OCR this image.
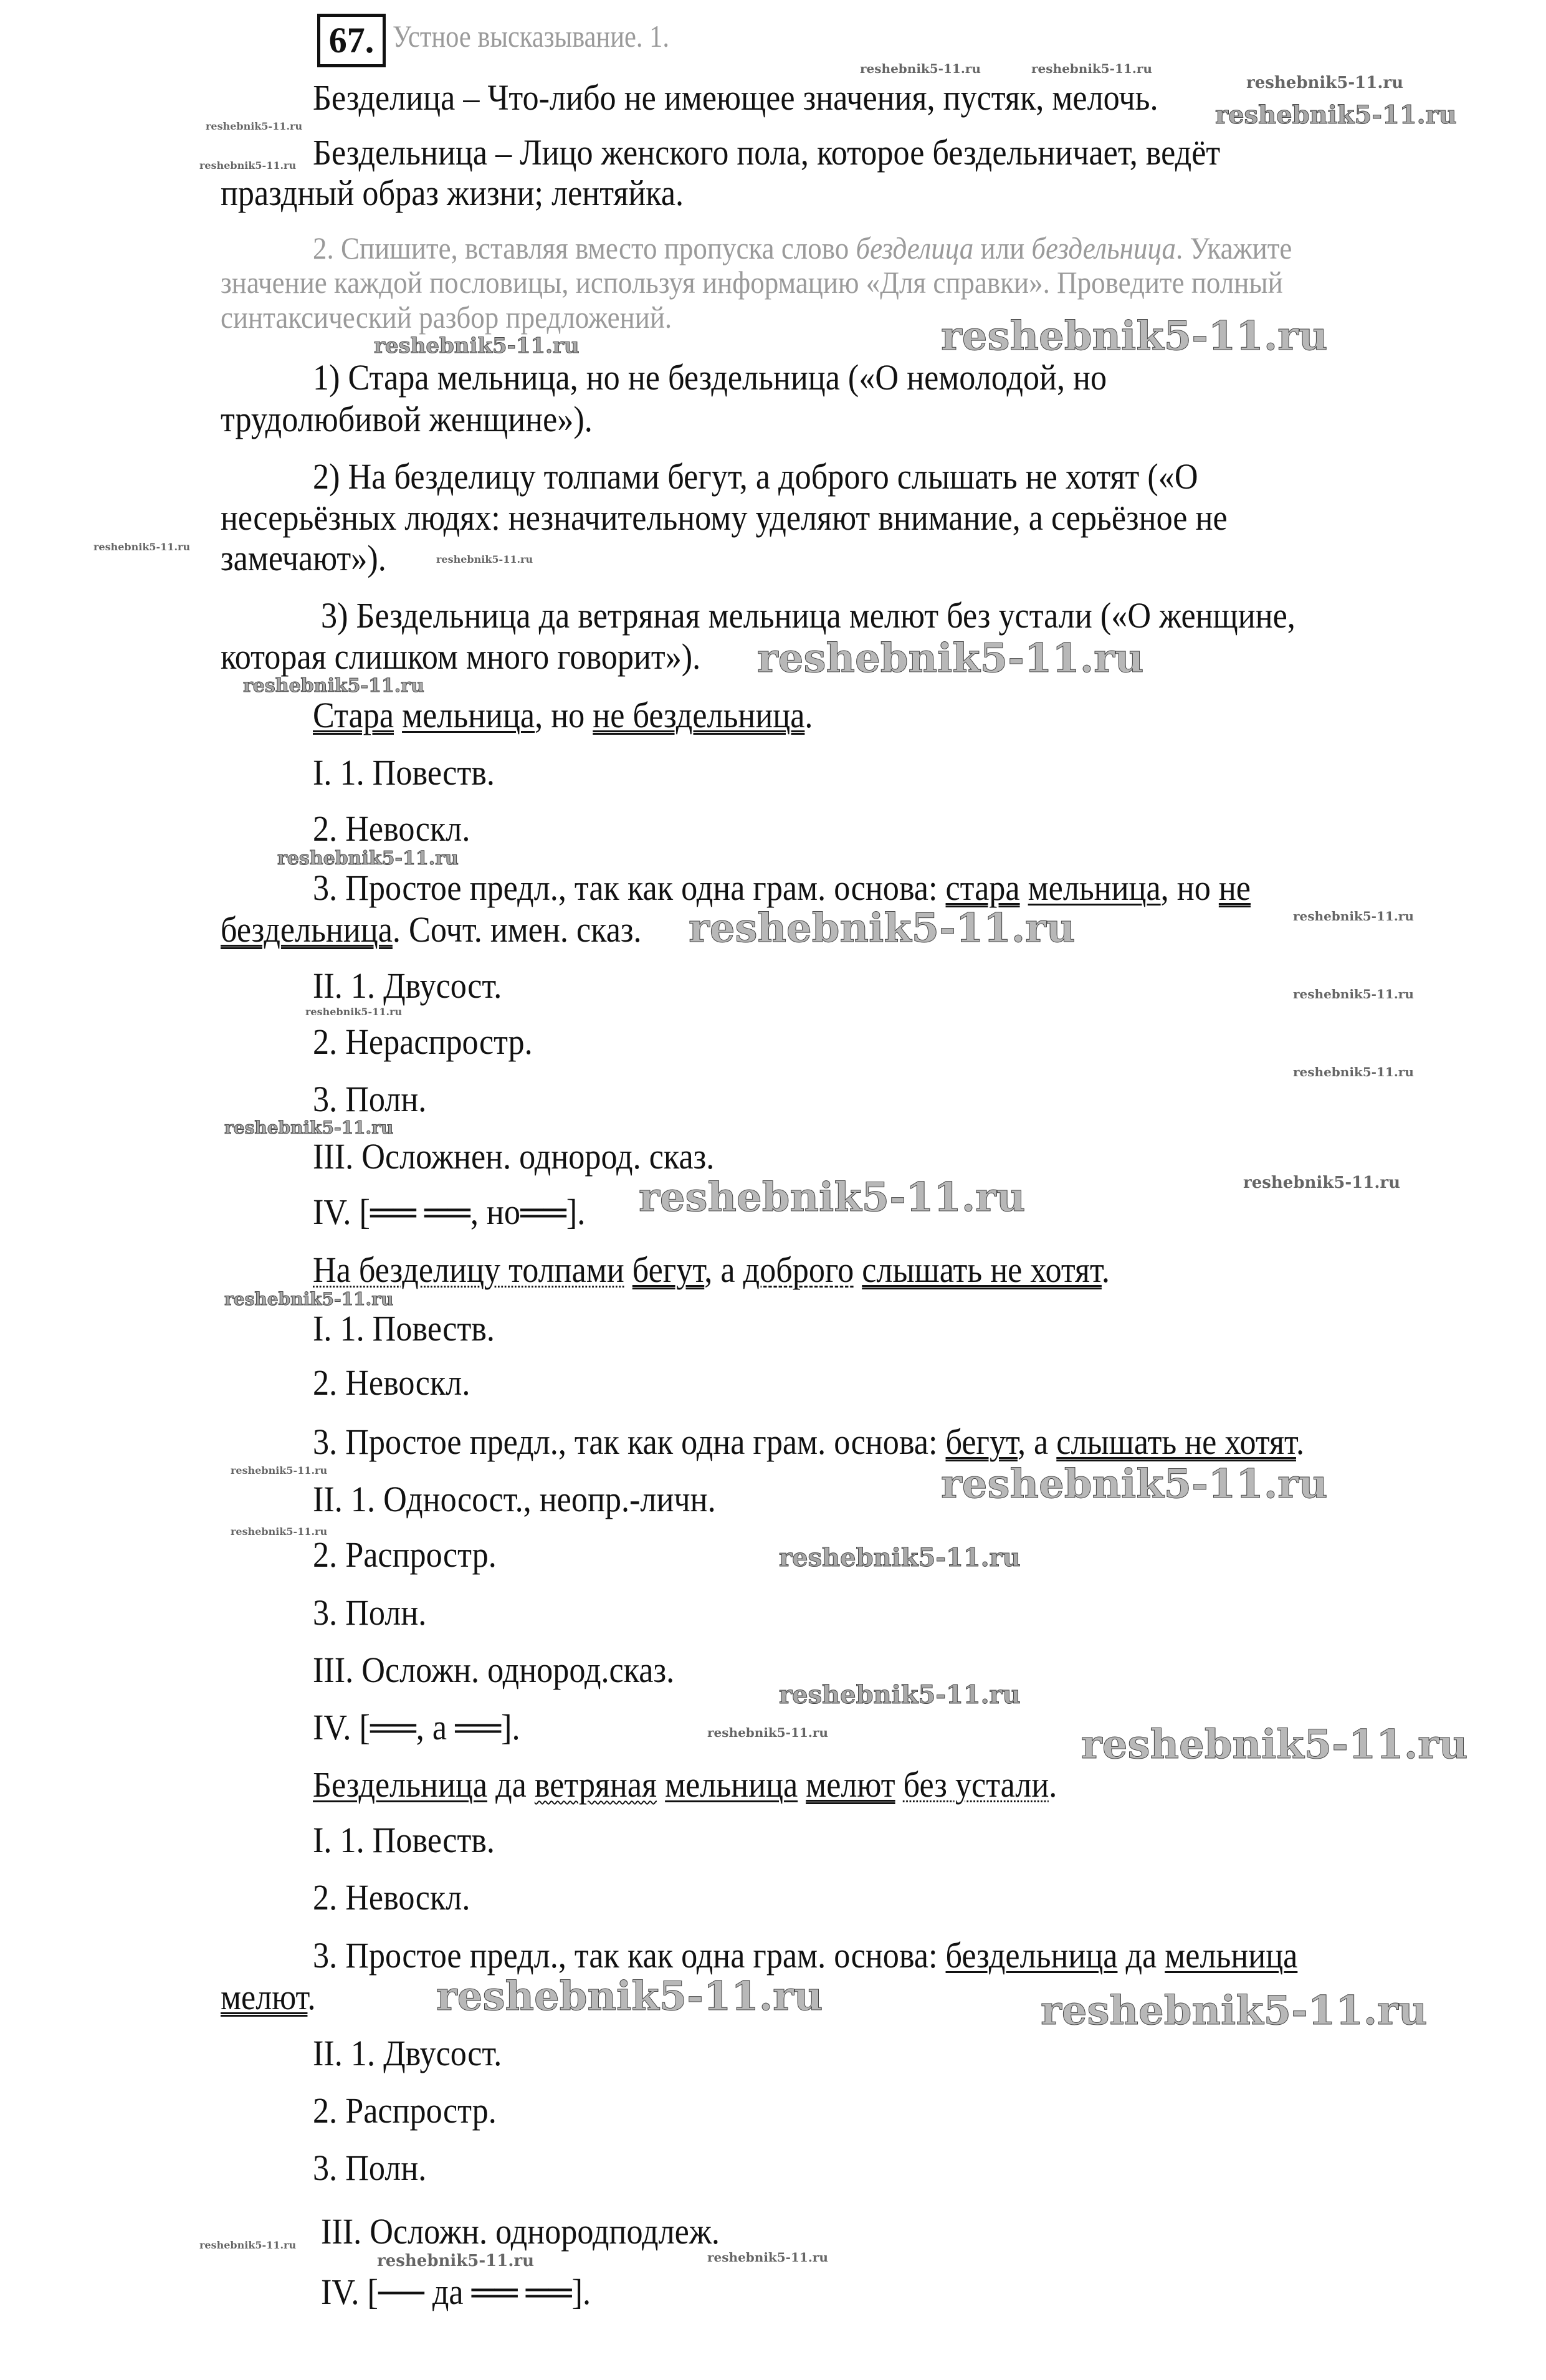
67. Устное высказывание. 1.
Безделица – Что-либо не имеющее значения, пустяк, мелочь.
Бездельница – Лицо женского пола, которое бездельничает, ведёт
праздный образ жизни; лентяйка.
2. Спишите, вставляя вместо пропуска слово безделица или бездельница. Укажите
значение каждой пословицы, используя информацию «Для справки». Проведите полный
синтаксический разбор предложений.
1) Стара мельница, но не бездельница («О немолодой, но
трудолюбивой женщине»).
2) На безделицу толпами бегут, а доброго слышать не хотят («О
несерьёзных людях: незначительному уделяют внимание, а серьёзное не
замечают»).
3) Бездельница да ветряная мельница мелют без устали («О женщине,
которая слишком много говорит»).
Стара мельница, но не бездельница.
I. 1. Повеств.
2. Невоскл.
3. Простое предл., так как одна грам. основа: стара мельница, но не
бездельница. Сочт. имен. сказ.
II. 1. Двусост.
2. Нераспростр.
3. Полн.
III. Осложнен. однород. сказ.
IV. [══ ══, но══].
На безделицу толпами бегут, а доброго слышать не хотят.
I. 1. Повеств.
2. Невоскл.
3. Простое предл., так как одна грам. основа: бегут, а слышать не хотят.
II. 1. Односост., неопр.-личн.
2. Распростр.
3. Полн.
III. Осложн. однород.сказ.
IV. [══, а ══].
Бездельница да ветряная мельница мелют без устали.
I. 1. Повеств.
2. Невоскл.
3. Простое предл., так как одна грам. основа: бездельница да мельница
мелют.
II. 1. Двусост.
2. Распростр.
3. Полн.
III. Осложн. однородподлеж.
IV. [── да ══ ══].
reshebnik5-11.ru
reshebnik5-11.ru	reshebnik5-11.ru
reshebnik5-11.ru
reshebnik5-11.ru
reshebnik5-11.ru
reshebnik5-11.ru
reshebnik5-11.ru
reshebnik5-11.ru
reshebnik5-11.ru
reshebnik5-11.ru
reshebnik5-11.ru
reshebnik5-11.ru
reshebnik5-11.ru	reshebnik5-11.ru
reshebnik5-11.ru
reshebnik5-11.ru
reshebnik5-11.ru
reshebnik5-11.ru
reshebnik5-11.ru
reshebnik5-11.ru
reshebnik5-11.ru
reshebnik5-11.ru
reshebnik5-11.ru
reshebnik5-11.ru
reshebnik5-11.ru
reshebnik5-11.ru
reshebnik5-11.ru	reshebnik5-11.ru
reshebnik5-11.ru	reshebnik5-11.ru
reshebnik5-11.ru
reshebnik5-11.ru	reshebnik5-11.ru
